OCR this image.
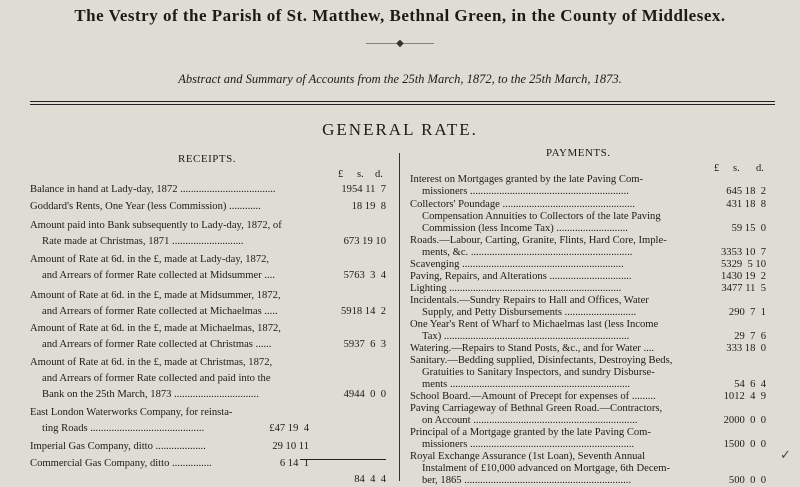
The Vestry of the Parish of St. Matthew, Bethnal Green, in the County of Middlesex.
———◆———
Abstract and Summary of Accounts from the 25th March, 1872, to the 25th March, 1873.
GENERAL RATE.
RECEIPTS.
£ s. d.
PAYMENTS.
£ s. d.
Balance in hand at Lady-day, 1872 ....................................	1954 11  7
Goddard's Rents, One Year (less Commission) ............	18 19  8
Amount paid into Bank subsequently to Lady-day, 1872, of
Rate made at Christmas, 1871 ...........................	673 19 10
Amount of Rate at 6d. in the £, made at Lady-day, 1872,
and Arrears of former Rate collected at Midsummer ....	5763  3  4
Amount of Rate at 6d. in the £, made at Midsummer, 1872,
and Arrears of former Rate collected at Michaelmas .....	5918 14  2
Amount of Rate at 6d. in the £, made at Michaelmas, 1872,
and Arrears of former Rate collected at Christmas ......	5937  6  3
Amount of Rate at 6d. in the £, made at Christmas, 1872,
and Arrears of former Rate collected and paid into the
Bank on the 25th March, 1873 ................................	4944  0  0
East London Waterworks Company, for reinsta-
ting Roads ...........................................	£47 19  4
Imperial Gas Company, ditto ...................	29 10 11
Commercial Gas Company, ditto ...............	6 14  1
84  4  4
Interest on Mortgages granted by the late Paving Com-
missioners ............................................................	645 18  2
Collectors' Poundage ..................................................	431 18  8
Compensation Annuities to Collectors of the late Paving
Commission (less Income Tax) ...........................	59 15  0
Roads.—Labour, Carting, Granite, Flints, Hard Core, Imple-
ments, &c. .............................................................	3353 10  7
Scavenging .............................................................	5329  5 10
Paving, Repairs, and Alterations ...............................	1430 19  2
Lighting .................................................................	3477 11  5
Incidentals.—Sundry Repairs to Hall and Offices, Water
Supply, and Petty Disbursements ...........................	290  7  1
One Year's Rent of Wharf to Michaelmas last (less Income
Tax) ......................................................................	29  7  6
Watering.—Repairs to Stand Posts, &c., and for Water ....	333 18  0
Sanitary.—Bedding supplied, Disinfectants, Destroying Beds,
Gratuities to Sanitary Inspectors, and sundry Disburse-
ments ....................................................................	54  6  4
School Board.—Amount of Precept for expenses of .........	1012  4  9
Paving Carriageway of Bethnal Green Road.—Contractors,
on Account ..............................................................	2000  0  0
Principal of a Mortgage granted by the late Paving Com-
missioners ..............................................................	1500  0  0
Royal Exchange Assurance (1st Loan), Seventh Annual
Instalment of £10,000 advanced on Mortgage, 6th Decem-
ber, 1865 ...............................................................	500  0  0
✓
